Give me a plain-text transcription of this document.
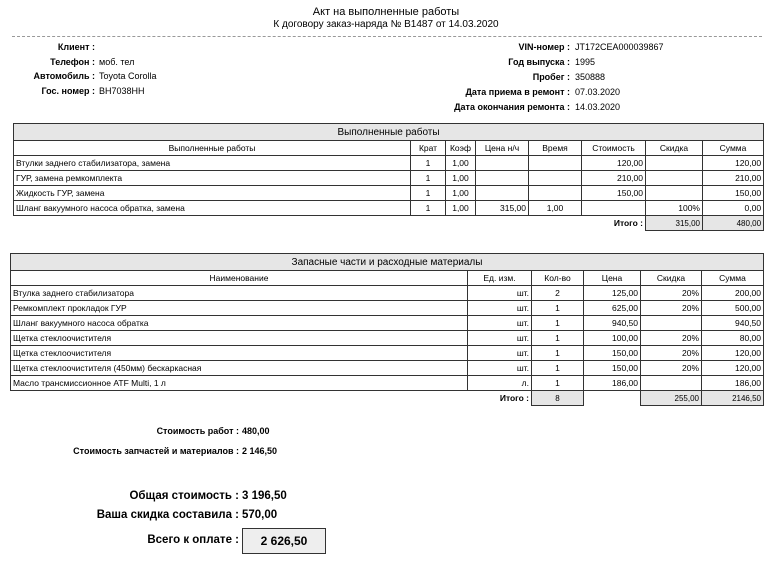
Акт на выполненные работы
К договору заказ-наряда № B1487 от 14.03.2020
Клиент :
Телефон : моб. тел
Автомобиль : Toyota Corolla
Гос. номер : BH7038HH
VIN-номер : JT172CEA000039867
Год выпуска : 1995
Пробег : 350888
Дата приема в ремонт : 07.03.2020
Дата окончания ремонта : 14.03.2020
Выполненные работы							
Выполненные работы	Крат	Коэф	Цена н/ч	Время	Стоимость	Скидка	Сумма
Втулки заднего стабилизатора, замена	1	1,00			120,00		120,00
ГУР, замена ремкомплекта	1	1,00			210,00		210,00
Жидкость ГУР, замена	1	1,00			150,00		150,00
Шланг вакуумного насоса обратка, замена	1	1,00	315,00	1,00		100%	0,00
					Итого :	315,00	480,00
Запасные части и расходные материалы					
Наименование	Ед. изм.	Кол-во	Цена	Скидка	Сумма
Втулка заднего стабилизатора	шт.	2	125,00	20%	200,00
Ремкомплект прокладок ГУР	шт.	1	625,00	20%	500,00
Шланг вакуумного насоса обратка	шт.	1	940,50		940,50
Щетка стеклоочистителя	шт.	1	100,00	20%	80,00
Щетка стеклоочистителя	шт.	1	150,00	20%	120,00
Щетка стеклоочистителя (450мм) бескаркасная	шт.	1	150,00	20%	120,00
Масло трансмиссионное ATF Multi, 1 л	л.	1	186,00		186,00
Итого :		8		255,00	2146,50
Стоимость работ : 480,00
Стоимость запчастей и материалов : 2 146,50
Общая стоимость : 3 196,50
Ваша скидка составила : 570,00
Всего к оплате :	2 626,50
